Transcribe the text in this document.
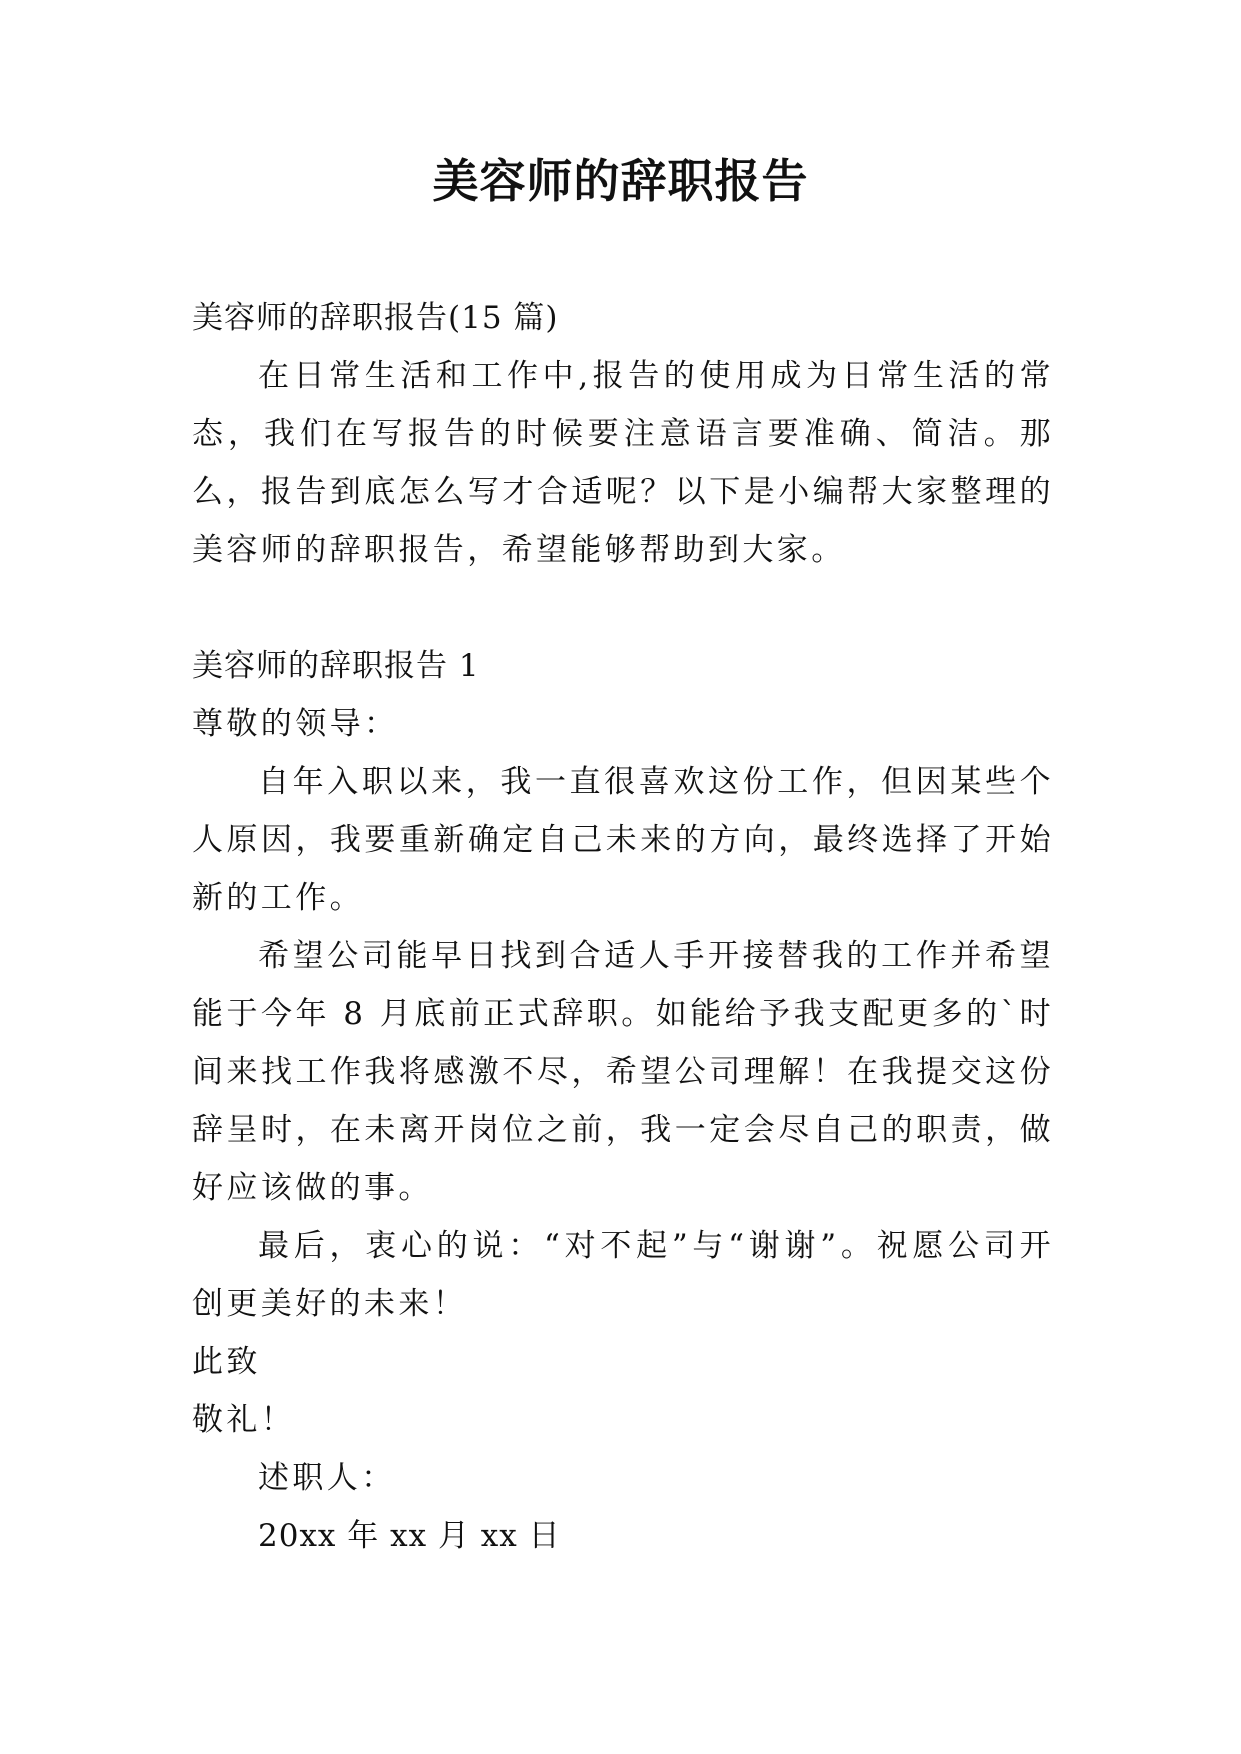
美容师的辞职报告

美容师的辞职报告(15 篇)

在日常生活和工作中,报告的使用成为日常生活的常态，我们在写报告的时候要注意语言要准确、简洁。那么，报告到底怎么写才合适呢？以下是小编帮大家整理的美容师的辞职报告，希望能够帮助到大家。

美容师的辞职报告 1

尊敬的领导：

自年入职以来，我一直很喜欢这份工作，但因某些个人原因，我要重新确定自己未来的方向，最终选择了开始新的工作。

希望公司能早日找到合适人手开接替我的工作并希望能于今年 8 月底前正式辞职。如能给予我支配更多的`时间来找工作我将感激不尽，希望公司理解！在我提交这份辞呈时，在未离开岗位之前，我一定会尽自己的职责，做好应该做的事。

最后，衷心的说：“对不起”与“谢谢”。祝愿公司开创更美好的未来！

此致

敬礼！

述职人：

20xx 年 xx 月 xx 日
